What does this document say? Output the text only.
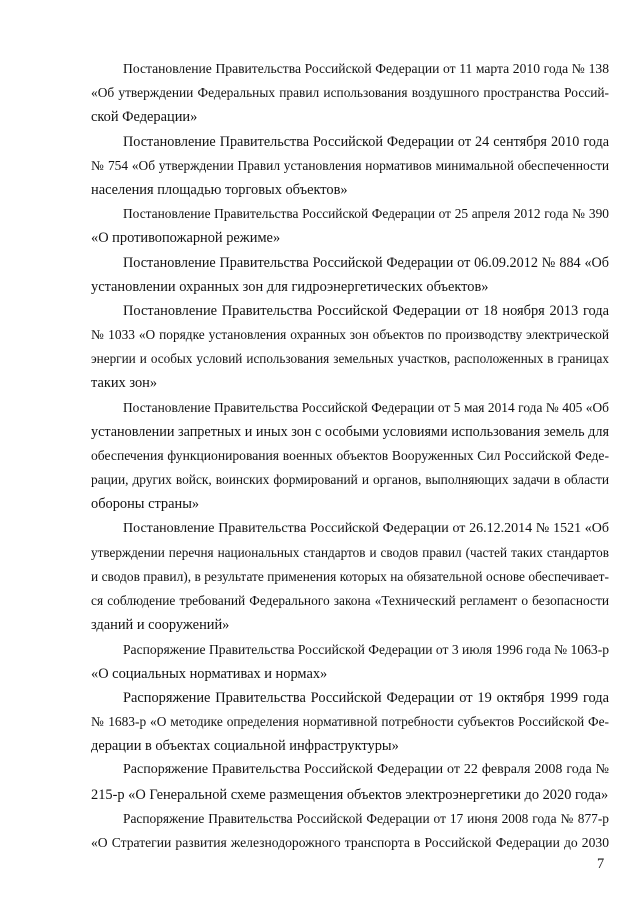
Постановление Правительства Российской Федерации от 11 марта 2010 года № 138
«Об утверждении Федеральных правил использования воздушного пространства Россий-
ской Федерации»
Постановление Правительства Российской Федерации от 24 сентября 2010 года
№ 754 «Об утверждении Правил установления нормативов минимальной обеспеченности
населения площадью торговых объектов»
Постановление Правительства Российской Федерации от 25 апреля 2012 года № 390
«О противопожарной режиме»
Постановление Правительства Российской Федерации от 06.09.2012 № 884 «Об
установлении охранных зон для гидроэнергетических объектов»
Постановление Правительства Российской Федерации от 18 ноября 2013 года
№ 1033 «О порядке установления охранных зон объектов по производству электрической
энергии и особых условий использования земельных участков, расположенных в границах
таких зон»
Постановление Правительства Российской Федерации от 5 мая 2014 года № 405 «Об
установлении запретных и иных зон с особыми условиями использования земель для
обеспечения функционирования военных объектов Вооруженных Сил Российской Феде-
рации, других войск, воинских формирований и органов, выполняющих задачи в области
обороны страны»
Постановление Правительства Российской Федерации от 26.12.2014 № 1521 «Об
утверждении перечня национальных стандартов и сводов правил (частей таких стандартов
и сводов правил), в результате применения которых на обязательной основе обеспечивает-
ся соблюдение требований Федерального закона «Технический регламент о безопасности
зданий и сооружений»
Распоряжение Правительства Российской Федерации от 3 июля 1996 года № 1063-р
«О социальных нормативах и нормах»
Распоряжение Правительства Российской Федерации от 19 октября 1999 года
№ 1683-р «О методике определения нормативной потребности субъектов Российской Фе-
дерации в объектах социальной инфраструктуры»
Распоряжение Правительства Российской Федерации от 22 февраля 2008 года №
215-р «О Генеральной схеме размещения объектов электроэнергетики до 2020 года»
Распоряжение Правительства Российской Федерации от 17 июня 2008 года № 877-р
«О Стратегии развития железнодорожного транспорта в Российской Федерации до 2030
7
